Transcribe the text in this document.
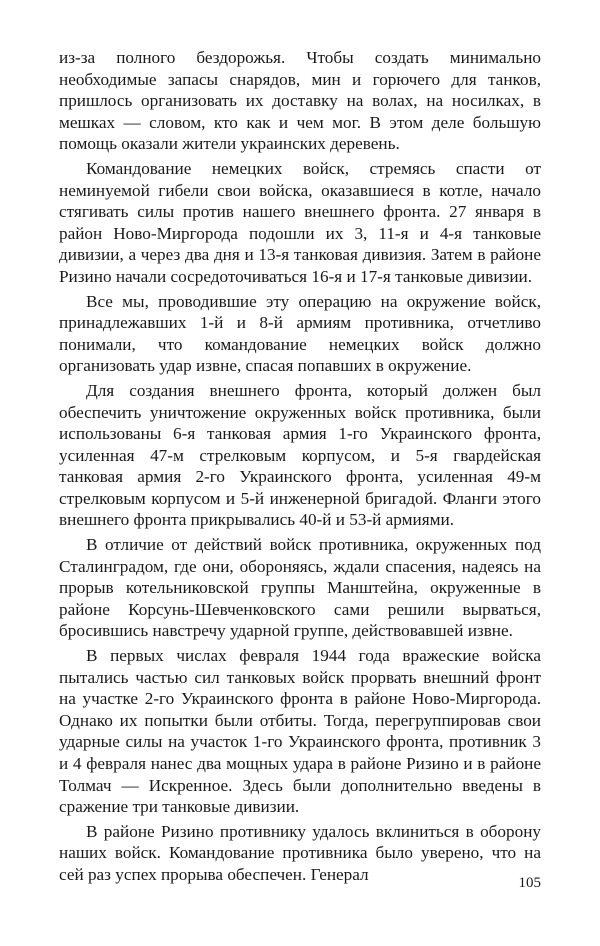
из-за полного бездорожья. Чтобы создать минимально необходимые запасы снарядов, мин и горючего для танков, пришлось организовать их доставку на волах, на носилках, в мешках — словом, кто как и чем мог. В этом деле большую помощь оказали жители украинских деревень.

Командование немецких войск, стремясь спасти от неминуемой гибели свои войска, оказавшиеся в котле, начало стягивать силы против нашего внешнего фронта. 27 января в район Ново-Миргорода подошли их 3, 11-я и 4-я танковые дивизии, а через два дня и 13-я танковая дивизия. Затем в районе Ризино начали сосредоточиваться 16-я и 17-я танковые дивизии.

Все мы, проводившие эту операцию на окружение войск, принадлежавших 1-й и 8-й армиям противника, отчетливо понимали, что командование немецких войск должно организовать удар извне, спасая попавших в окружение.

Для создания внешнего фронта, который должен был обеспечить уничтожение окруженных войск противника, были использованы 6-я танковая армия 1-го Украинского фронта, усиленная 47-м стрелковым корпусом, и 5-я гвардейская танковая армия 2-го Украинского фронта, усиленная 49-м стрелковым корпусом и 5-й инженерной бригадой. Фланги этого внешнего фронта прикрывались 40-й и 53-й армиями.

В отличие от действий войск противника, окруженных под Сталинградом, где они, обороняясь, ждали спасения, надеясь на прорыв котельниковской группы Манштейна, окруженные в районе Корсунь-Шевченковского сами решили вырваться, бросившись навстречу ударной группе, действовавшей извне.

В первых числах февраля 1944 года вражеские войска пытались частью сил танковых войск прорвать внешний фронт на участке 2-го Украинского фронта в районе Ново-Миргорода. Однако их попытки были отбиты. Тогда, перегруппировав свои ударные силы на участок 1-го Украинского фронта, противник 3 и 4 февраля нанес два мощных удара в районе Ризино и в районе Толмач — Искренное. Здесь были дополнительно введены в сражение три танковые дивизии.

В районе Ризино противнику удалось вклиниться в оборону наших войск. Командование противника было уверено, что на сей раз успех прорыва обеспечен. Генерал	105
